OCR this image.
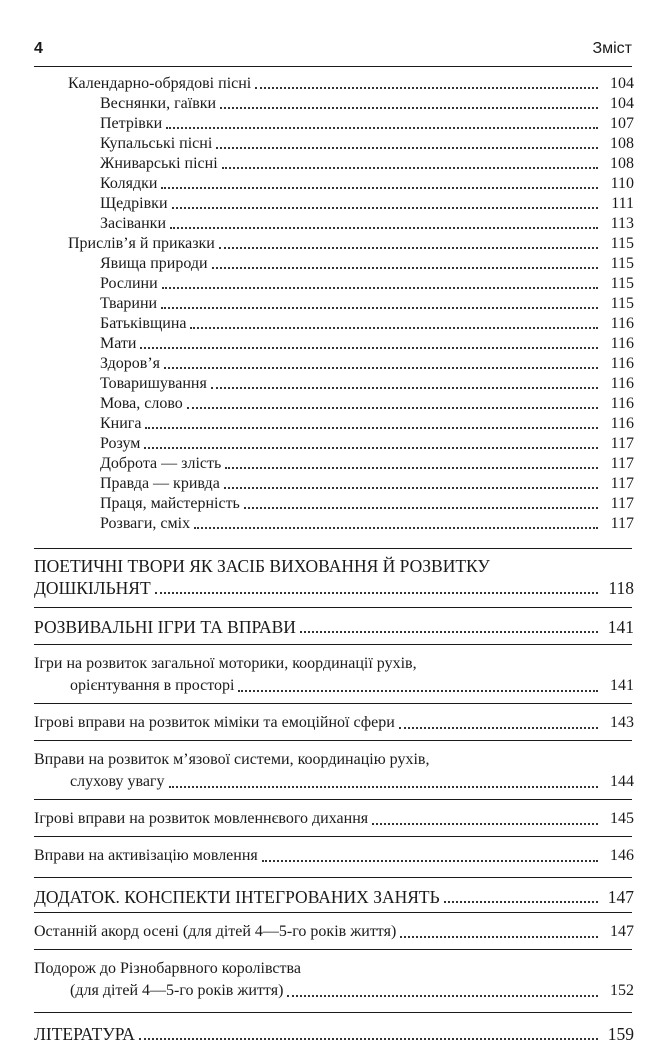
4	Зміст
Календарно-обрядові пісні	104
Веснянки, гаївки	104
Петрівки	107
Купальські пісні	108
Жниварські пісні	108
Колядки	110
Щедрівки	111
Засіванки	113
Прислів’я й приказки	115
Явища природи	115
Рослини	115
Тварини	115
Батьківщина	116
Мати	116
Здоров’я	116
Товаришування	116
Мова, слово	116
Книга	116
Розум	117
Доброта — злість	117
Правда — кривда	117
Праця, майстерність	117
Розваги, сміх	117
ПОЕТИЧНІ ТВОРИ ЯК ЗАСІБ ВИХОВАННЯ Й РОЗВИТКУ
ДОШКІЛЬНЯТ	118
РОЗВИВАЛЬНІ ІГРИ ТА ВПРАВИ	141
Ігри на розвиток загальної моторики, координації рухів,
орієнтування в просторі	141
Ігрові вправи на розвиток міміки та емоційної сфери	143
Вправи на розвиток м’язової системи, координацію рухів,
слухову увагу	144
Ігрові вправи на розвиток мовленнєвого дихання	145
Вправи на активізацію мовлення	146
ДОДАТОК. КОНСПЕКТИ ІНТЕГРОВАНИХ ЗАНЯТЬ	147
Останній акорд осені (для дітей 4—5-го років життя)	147
Подорож до Різнобарвного королівства
(для дітей 4—5-го років життя)	152
ЛІТЕРАТУРА	159
